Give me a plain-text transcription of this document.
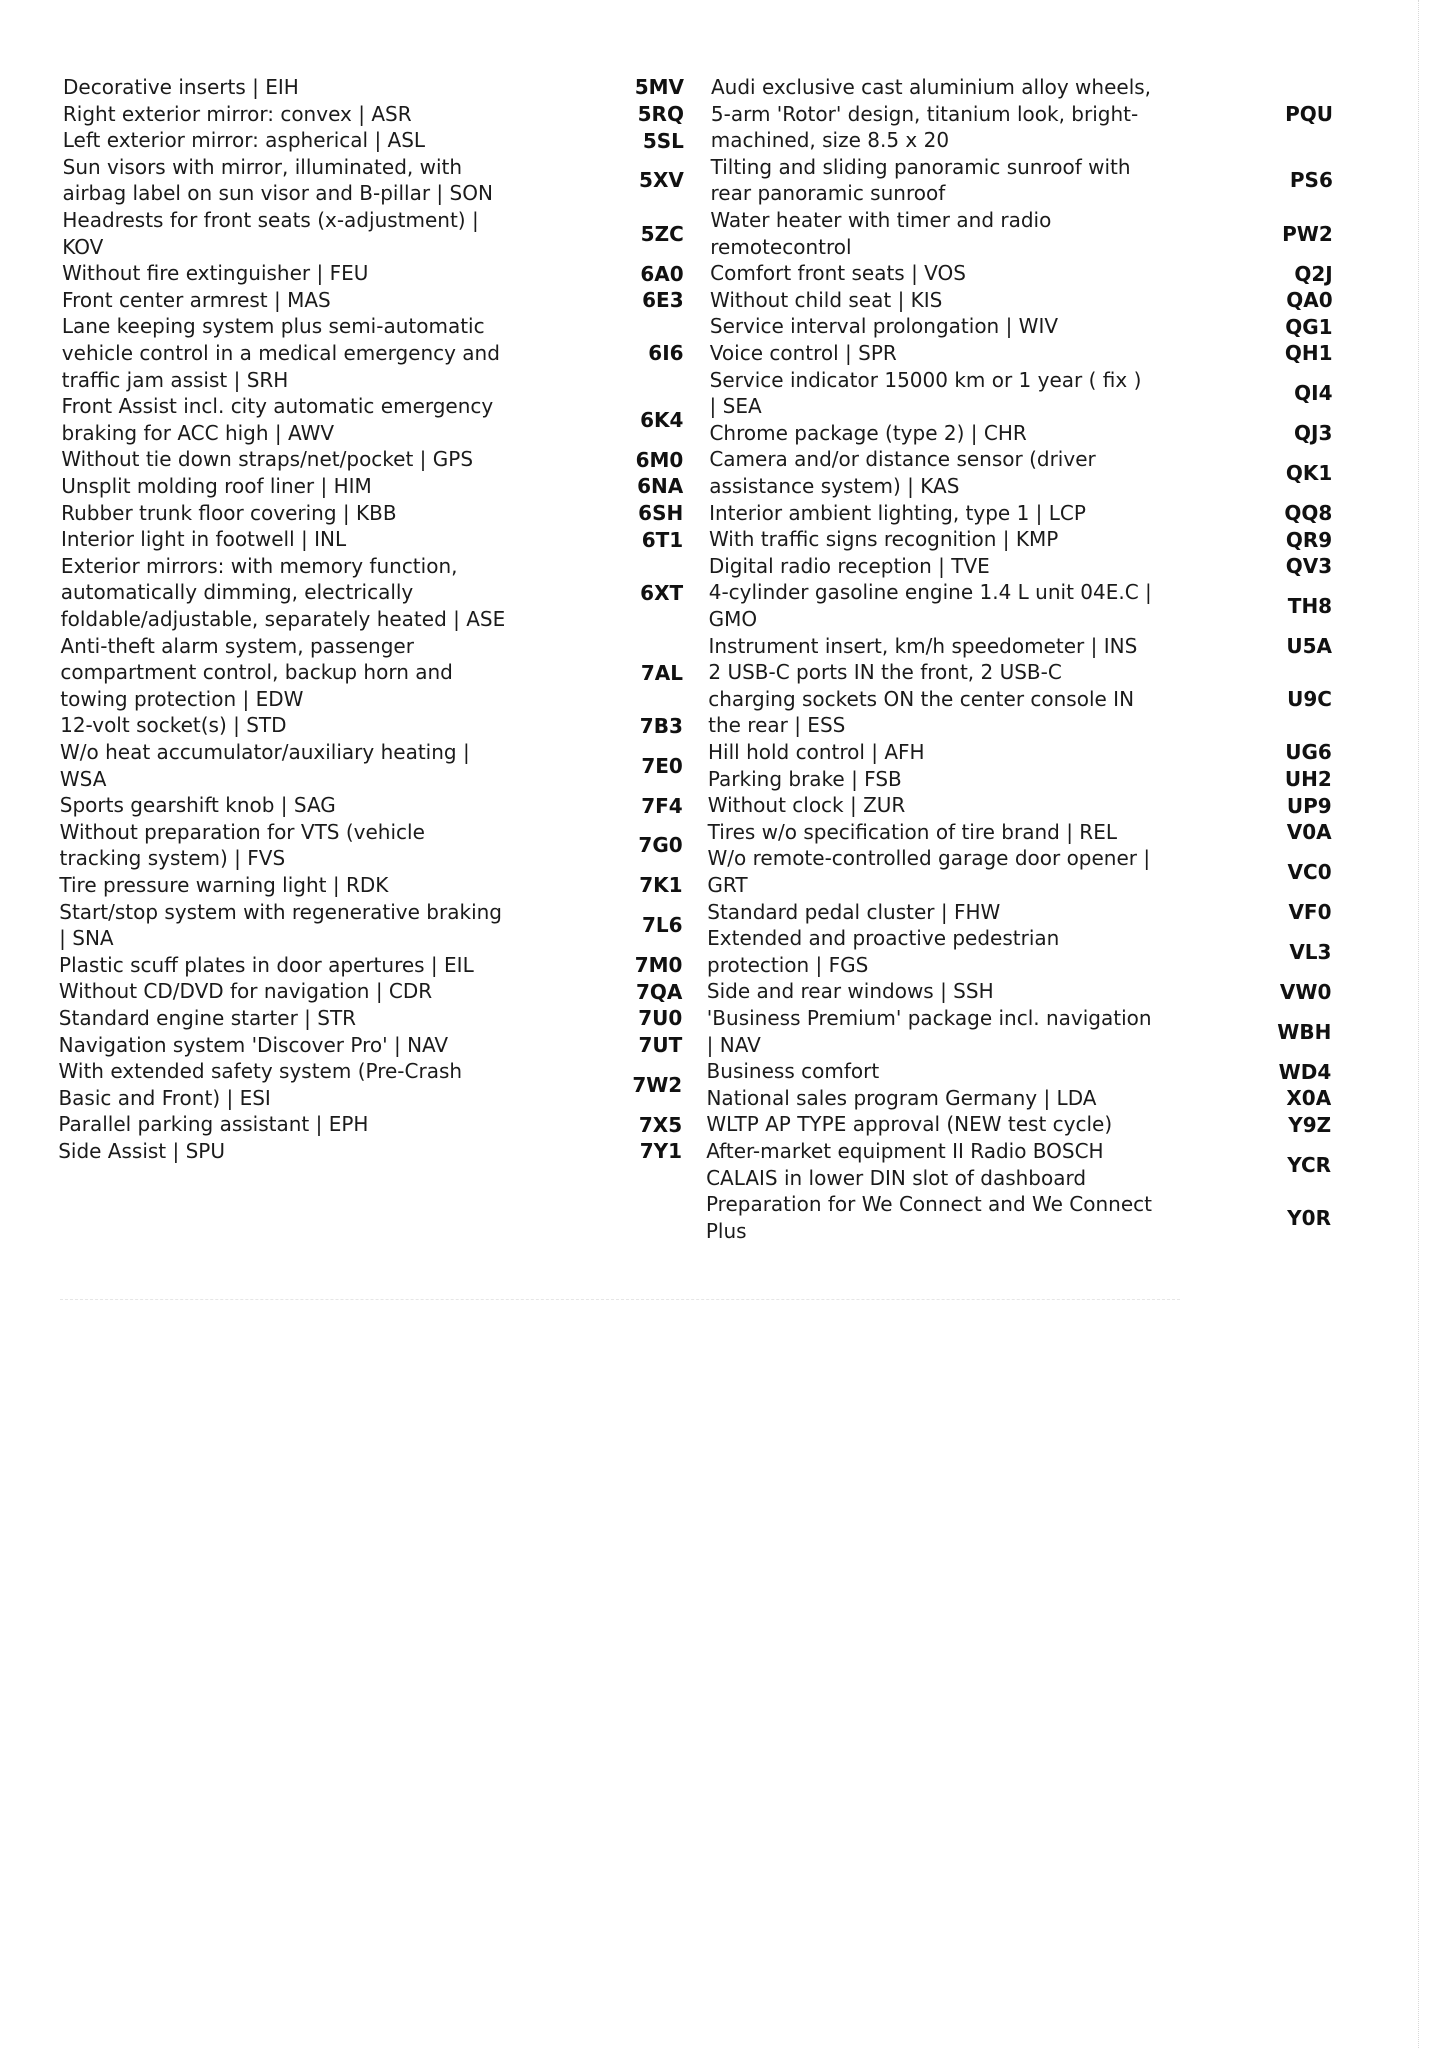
Decorative inserts | EIH	5MV
Right exterior mirror: convex | ASR	5RQ
Left exterior mirror: aspherical | ASL	5SL
Sun visors with mirror, illuminated, with
airbag label on sun visor and B-pillar | SON
5XV
Headrests for front seats (x-adjustment) |
KOV
5ZC
Without fire extinguisher | FEU	6A0
Front center armrest | MAS	6E3
Lane keeping system plus semi-automatic
vehicle control in a medical emergency and
traffic jam assist | SRH
6I6
Front Assist incl. city automatic emergency
braking for ACC high | AWV
6K4
Without tie down straps/net/pocket | GPS	6M0
Unsplit molding roof liner | HIM	6NA
Rubber trunk floor covering | KBB	6SH
Interior light in footwell | INL	6T1
Exterior mirrors: with memory function,
automatically dimming, electrically
foldable/adjustable, separately heated | ASE
6XT
Anti-theft alarm system, passenger
compartment control, backup horn and
towing protection | EDW
7AL
12-volt socket(s) | STD	7B3
W/o heat accumulator/auxiliary heating |
WSA
7E0
Sports gearshift knob | SAG	7F4
Without preparation for VTS (vehicle
tracking system) | FVS
7G0
Tire pressure warning light | RDK	7K1
Start/stop system with regenerative braking
| SNA
7L6
Plastic scuff plates in door apertures | EIL	7M0
Without CD/DVD for navigation | CDR	7QA
Standard engine starter | STR	7U0
Navigation system 'Discover Pro' | NAV	7UT
With extended safety system (Pre-Crash
Basic and Front) | ESI
7W2
Parallel parking assistant | EPH	7X5
Side Assist | SPU	7Y1
Audi exclusive cast aluminium alloy wheels,
5-arm 'Rotor' design, titanium look, bright-
machined, size 8.5 x 20
PQU
Tilting and sliding panoramic sunroof with
rear panoramic sunroof
PS6
Water heater with timer and radio
remotecontrol
PW2
Comfort front seats | VOS	Q2J
Without child seat | KIS	QA0
Service interval prolongation | WIV	QG1
Voice control | SPR	QH1
Service indicator 15000 km or 1 year ( fix )
| SEA
QI4
Chrome package (type 2) | CHR	QJ3
Camera and/or distance sensor (driver
assistance system) | KAS
QK1
Interior ambient lighting, type 1 | LCP	QQ8
With traffic signs recognition | KMP	QR9
Digital radio reception | TVE	QV3
4-cylinder gasoline engine 1.4 L unit 04E.C |
GMO
TH8
Instrument insert, km/h speedometer | INS	U5A
2 USB-C ports IN the front, 2 USB-C
charging sockets ON the center console IN
the rear | ESS
U9C
Hill hold control | AFH	UG6
Parking brake | FSB	UH2
Without clock | ZUR	UP9
Tires w/o specification of tire brand | REL	V0A
W/o remote-controlled garage door opener |
GRT
VC0
Standard pedal cluster | FHW	VF0
Extended and proactive pedestrian
protection | FGS
VL3
Side and rear windows | SSH	VW0
'Business Premium' package incl. navigation
| NAV
WBH
Business comfort	WD4
National sales program Germany | LDA	X0A
WLTP AP TYPE approval (NEW test cycle)	Y9Z
After-market equipment II Radio BOSCH
CALAIS in lower DIN slot of dashboard
YCR
Preparation for We Connect and We Connect
Plus
Y0R
